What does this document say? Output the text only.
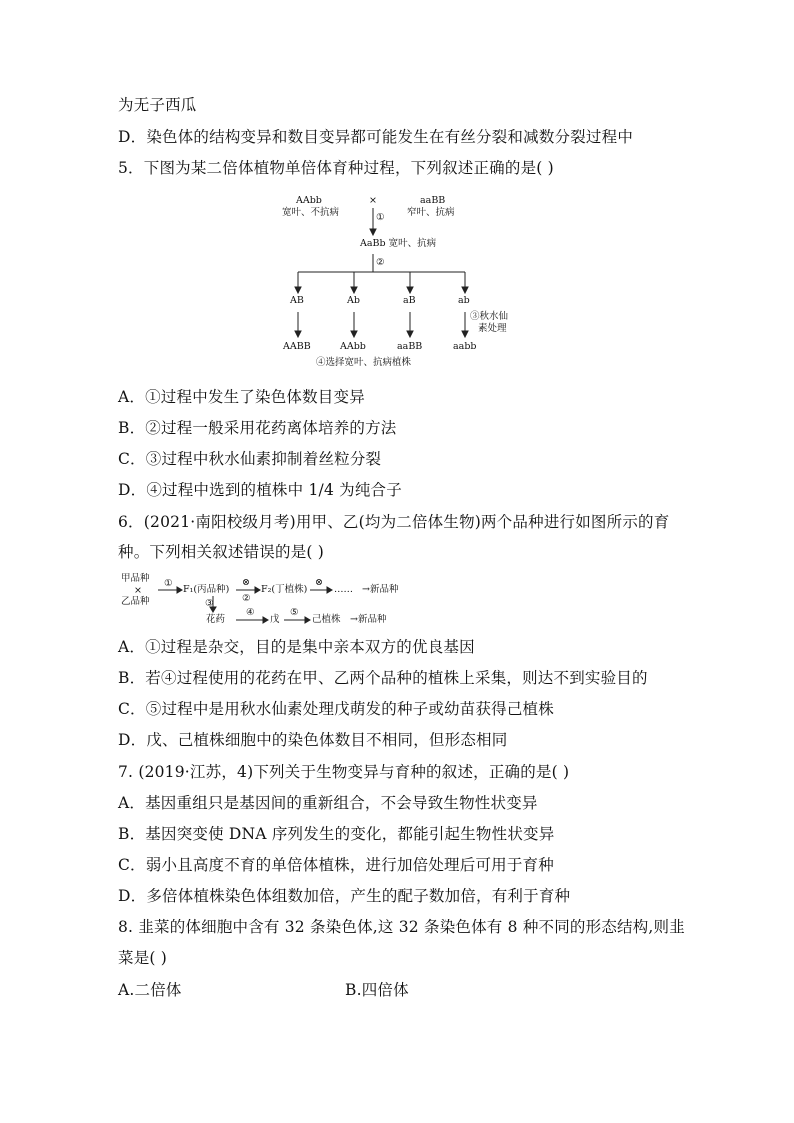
为无子西瓜
D．染色体的结构变异和数目变异都可能发生在有丝分裂和减数分裂过程中
5．下图为某二倍体植物单倍体育种过程，下列叙述正确的是( )
AAbb
宽叶、不抗病
×
①
aaBB
窄叶、抗病
AaBb 宽叶、抗病
②
AB	Ab	aB	ab
③秋水仙
素处理
AABB	AAbb	aaBB	aabb
④选择宽叶、抗病植株
A．①过程中发生了染色体数目变异
B．②过程一般采用花药离体培养的方法
C．③过程中秋水仙素抑制着丝粒分裂
D．④过程中选到的植株中 1/4 为纯合子
6．(2021·南阳校级月考)用甲、乙(均为二倍体生物)两个品种进行如图所示的育
种。下列相关叙述错误的是( )
甲品种
×
乙品种
①
F₁(丙品种)
⊗
②
F₂(丁植株)
⊗
…… →新品种
③
花药
④
戊
⑤
己植株 →新品种
A．①过程是杂交，目的是集中亲本双方的优良基因
B．若④过程使用的花药在甲、乙两个品种的植株上采集，则达不到实验目的
C．⑤过程中是用秋水仙素处理戊萌发的种子或幼苗获得己植株
D．戊、己植株细胞中的染色体数目不相同，但形态相同
7. (2019·江苏，4)下列关于生物变异与育种的叙述，正确的是( )
A．基因重组只是基因间的重新组合，不会导致生物性状变异
B．基因突变使 DNA 序列发生的变化，都能引起生物性状变异
C．弱小且高度不育的单倍体植株，进行加倍处理后可用于育种
D．多倍体植株染色体组数加倍，产生的配子数加倍，有利于育种
8. 韭菜的体细胞中含有 32 条染色体,这 32 条染色体有 8 种不同的形态结构,则韭
菜是( )
A.二倍体	B.四倍体
